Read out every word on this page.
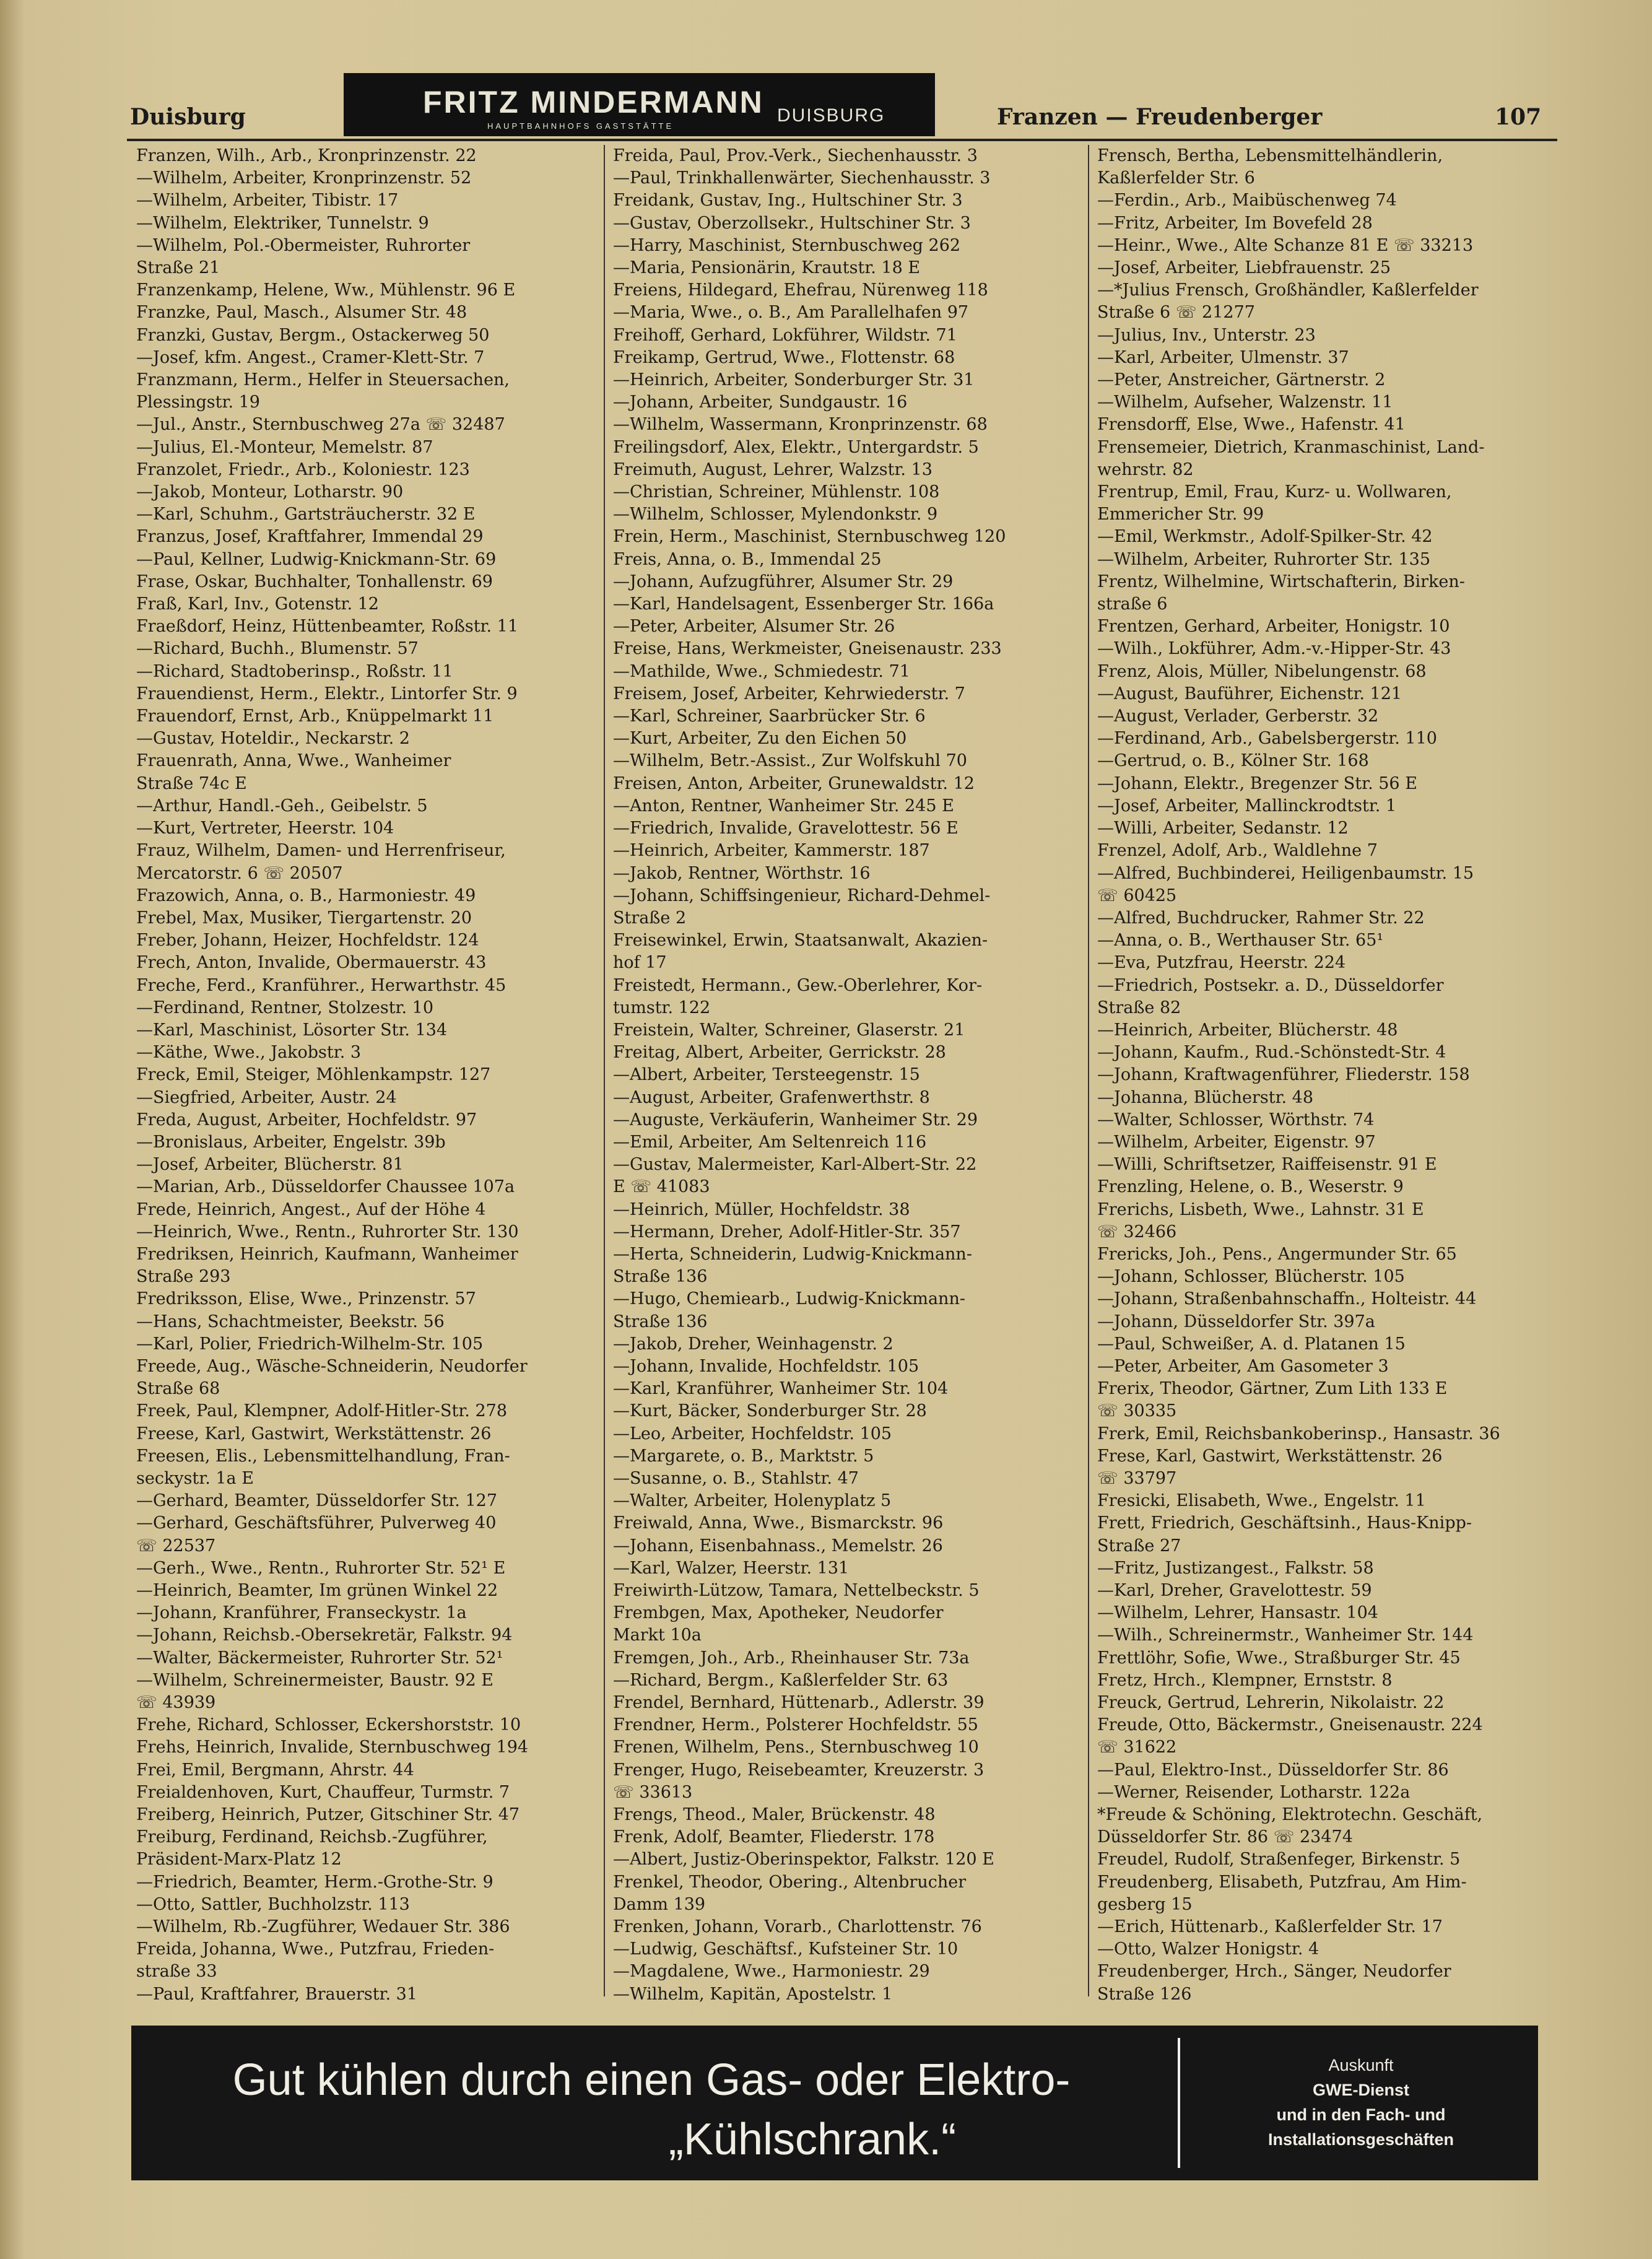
Duisburg	FRITZ MINDERMANN
HAUPTBAHNHOFS GASTSTÄTTE
DUISBURG	Franzen — Freudenberger	107
Franzen, Wilh., Arb., Kronprinzenstr. 22
—Wilhelm, Arbeiter, Kronprinzenstr. 52
—Wilhelm, Arbeiter, Tibistr. 17
—Wilhelm, Elektriker, Tunnelstr. 9
—Wilhelm, Pol.-Obermeister, Ruhrorter
Straße 21
Franzenkamp, Helene, Ww., Mühlenstr. 96 E
Franzke, Paul, Masch., Alsumer Str. 48
Franzki, Gustav, Bergm., Ostackerweg 50
—Josef, kfm. Angest., Cramer-Klett-Str. 7
Franzmann, Herm., Helfer in Steuersachen,
Plessingstr. 19
—Jul., Anstr., Sternbuschweg 27a ☏ 32487
—Julius, El.-Monteur, Memelstr. 87
Franzolet, Friedr., Arb., Koloniestr. 123
—Jakob, Monteur, Lotharstr. 90
—Karl, Schuhm., Gartsträucherstr. 32 E
Franzus, Josef, Kraftfahrer, Immendal 29
—Paul, Kellner, Ludwig-Knickmann-Str. 69
Frase, Oskar, Buchhalter, Tonhallenstr. 69
Fraß, Karl, Inv., Gotenstr. 12
Fraeßdorf, Heinz, Hüttenbeamter, Roßstr. 11
—Richard, Buchh., Blumenstr. 57
—Richard, Stadtoberinsp., Roßstr. 11
Frauendienst, Herm., Elektr., Lintorfer Str. 9
Frauendorf, Ernst, Arb., Knüppelmarkt 11
—Gustav, Hoteldir., Neckarstr. 2
Frauenrath, Anna, Wwe., Wanheimer
Straße 74c E
—Arthur, Handl.-Geh., Geibelstr. 5
—Kurt, Vertreter, Heerstr. 104
Frauz, Wilhelm, Damen- und Herrenfriseur,
Mercatorstr. 6 ☏ 20507
Frazowich, Anna, o. B., Harmoniestr. 49
Frebel, Max, Musiker, Tiergartenstr. 20
Freber, Johann, Heizer, Hochfeldstr. 124
Frech, Anton, Invalide, Obermauerstr. 43
Freche, Ferd., Kranführer., Herwarthstr. 45
—Ferdinand, Rentner, Stolzestr. 10
—Karl, Maschinist, Lösorter Str. 134
—Käthe, Wwe., Jakobstr. 3
Freck, Emil, Steiger, Möhlenkampstr. 127
—Siegfried, Arbeiter, Austr. 24
Freda, August, Arbeiter, Hochfeldstr. 97
—Bronislaus, Arbeiter, Engelstr. 39b
—Josef, Arbeiter, Blücherstr. 81
—Marian, Arb., Düsseldorfer Chaussee 107a
Frede, Heinrich, Angest., Auf der Höhe 4
—Heinrich, Wwe., Rentn., Ruhrorter Str. 130
Fredriksen, Heinrich, Kaufmann, Wanheimer
Straße 293
Fredriksson, Elise, Wwe., Prinzenstr. 57
—Hans, Schachtmeister, Beekstr. 56
—Karl, Polier, Friedrich-Wilhelm-Str. 105
Freede, Aug., Wäsche-Schneiderin, Neudorfer
Straße 68
Freek, Paul, Klempner, Adolf-Hitler-Str. 278
Freese, Karl, Gastwirt, Werkstättenstr. 26
Freesen, Elis., Lebensmittelhandlung, Fran-
seckystr. 1a E
—Gerhard, Beamter, Düsseldorfer Str. 127
—Gerhard, Geschäftsführer, Pulverweg 40
☏ 22537
—Gerh., Wwe., Rentn., Ruhrorter Str. 52¹ E
—Heinrich, Beamter, Im grünen Winkel 22
—Johann, Kranführer, Franseckystr. 1a
—Johann, Reichsb.-Obersekretär, Falkstr. 94
—Walter, Bäckermeister, Ruhrorter Str. 52¹
—Wilhelm, Schreinermeister, Baustr. 92 E
☏ 43939
Frehe, Richard, Schlosser, Eckershorststr. 10
Frehs, Heinrich, Invalide, Sternbuschweg 194
Frei, Emil, Bergmann, Ahrstr. 44
Freialdenhoven, Kurt, Chauffeur, Turmstr. 7
Freiberg, Heinrich, Putzer, Gitschiner Str. 47
Freiburg, Ferdinand, Reichsb.-Zugführer,
Präsident-Marx-Platz 12
—Friedrich, Beamter, Herm.-Grothe-Str. 9
—Otto, Sattler, Buchholzstr. 113
—Wilhelm, Rb.-Zugführer, Wedauer Str. 386
Freida, Johanna, Wwe., Putzfrau, Frieden-
straße 33
—Paul, Kraftfahrer, Brauerstr. 31
Freida, Paul, Prov.-Verk., Siechenhausstr. 3
—Paul, Trinkhallenwärter, Siechenhausstr. 3
Freidank, Gustav, Ing., Hultschiner Str. 3
—Gustav, Oberzollsekr., Hultschiner Str. 3
—Harry, Maschinist, Sternbuschweg 262
—Maria, Pensionärin, Krautstr. 18 E
Freiens, Hildegard, Ehefrau, Nürenweg 118
—Maria, Wwe., o. B., Am Parallelhafen 97
Freihoff, Gerhard, Lokführer, Wildstr. 71
Freikamp, Gertrud, Wwe., Flottenstr. 68
—Heinrich, Arbeiter, Sonderburger Str. 31
—Johann, Arbeiter, Sundgaustr. 16
—Wilhelm, Wassermann, Kronprinzenstr. 68
Freilingsdorf, Alex, Elektr., Untergardstr. 5
Freimuth, August, Lehrer, Walzstr. 13
—Christian, Schreiner, Mühlenstr. 108
—Wilhelm, Schlosser, Mylendonkstr. 9
Frein, Herm., Maschinist, Sternbuschweg 120
Freis, Anna, o. B., Immendal 25
—Johann, Aufzugführer, Alsumer Str. 29
—Karl, Handelsagent, Essenberger Str. 166a
—Peter, Arbeiter, Alsumer Str. 26
Freise, Hans, Werkmeister, Gneisenaustr. 233
—Mathilde, Wwe., Schmiedestr. 71
Freisem, Josef, Arbeiter, Kehrwiederstr. 7
—Karl, Schreiner, Saarbrücker Str. 6
—Kurt, Arbeiter, Zu den Eichen 50
—Wilhelm, Betr.-Assist., Zur Wolfskuhl 70
Freisen, Anton, Arbeiter, Grunewaldstr. 12
—Anton, Rentner, Wanheimer Str. 245 E
—Friedrich, Invalide, Gravelottestr. 56 E
—Heinrich, Arbeiter, Kammerstr. 187
—Jakob, Rentner, Wörthstr. 16
—Johann, Schiffsingenieur, Richard-Dehmel-
Straße 2
Freisewinkel, Erwin, Staatsanwalt, Akazien-
hof 17
Freistedt, Hermann., Gew.-Oberlehrer, Kor-
tumstr. 122
Freistein, Walter, Schreiner, Glaserstr. 21
Freitag, Albert, Arbeiter, Gerrickstr. 28
—Albert, Arbeiter, Tersteegenstr. 15
—August, Arbeiter, Grafenwerthstr. 8
—Auguste, Verkäuferin, Wanheimer Str. 29
—Emil, Arbeiter, Am Seltenreich 116
—Gustav, Malermeister, Karl-Albert-Str. 22
E ☏ 41083
—Heinrich, Müller, Hochfeldstr. 38
—Hermann, Dreher, Adolf-Hitler-Str. 357
—Herta, Schneiderin, Ludwig-Knickmann-
Straße 136
—Hugo, Chemiearb., Ludwig-Knickmann-
Straße 136
—Jakob, Dreher, Weinhagenstr. 2
—Johann, Invalide, Hochfeldstr. 105
—Karl, Kranführer, Wanheimer Str. 104
—Kurt, Bäcker, Sonderburger Str. 28
—Leo, Arbeiter, Hochfeldstr. 105
—Margarete, o. B., Marktstr. 5
—Susanne, o. B., Stahlstr. 47
—Walter, Arbeiter, Holenyplatz 5
Freiwald, Anna, Wwe., Bismarckstr. 96
—Johann, Eisenbahnass., Memelstr. 26
—Karl, Walzer, Heerstr. 131
Freiwirth-Lützow, Tamara, Nettelbeckstr. 5
Frembgen, Max, Apotheker, Neudorfer
Markt 10a
Fremgen, Joh., Arb., Rheinhauser Str. 73a
—Richard, Bergm., Kaßlerfelder Str. 63
Frendel, Bernhard, Hüttenarb., Adlerstr. 39
Frendner, Herm., Polsterer Hochfeldstr. 55
Frenen, Wilhelm, Pens., Sternbuschweg 10
Frenger, Hugo, Reisebeamter, Kreuzerstr. 3
☏ 33613
Frengs, Theod., Maler, Brückenstr. 48
Frenk, Adolf, Beamter, Fliederstr. 178
—Albert, Justiz-Oberinspektor, Falkstr. 120 E
Frenkel, Theodor, Obering., Altenbrucher
Damm 139
Frenken, Johann, Vorarb., Charlottenstr. 76
—Ludwig, Geschäftsf., Kufsteiner Str. 10
—Magdalene, Wwe., Harmoniestr. 29
—Wilhelm, Kapitän, Apostelstr. 1
Frensch, Bertha, Lebensmittelhändlerin,
Kaßlerfelder Str. 6
—Ferdin., Arb., Maibüschenweg 74
—Fritz, Arbeiter, Im Bovefeld 28
—Heinr., Wwe., Alte Schanze 81 E ☏ 33213
—Josef, Arbeiter, Liebfrauenstr. 25
—*Julius Frensch, Großhändler, Kaßlerfelder
Straße 6 ☏ 21277
—Julius, Inv., Unterstr. 23
—Karl, Arbeiter, Ulmenstr. 37
—Peter, Anstreicher, Gärtnerstr. 2
—Wilhelm, Aufseher, Walzenstr. 11
Frensdorff, Else, Wwe., Hafenstr. 41
Frensemeier, Dietrich, Kranmaschinist, Land-
wehrstr. 82
Frentrup, Emil, Frau, Kurz- u. Wollwaren,
Emmericher Str. 99
—Emil, Werkmstr., Adolf-Spilker-Str. 42
—Wilhelm, Arbeiter, Ruhrorter Str. 135
Frentz, Wilhelmine, Wirtschafterin, Birken-
straße 6
Frentzen, Gerhard, Arbeiter, Honigstr. 10
—Wilh., Lokführer, Adm.-v.-Hipper-Str. 43
Frenz, Alois, Müller, Nibelungenstr. 68
—August, Bauführer, Eichenstr. 121
—August, Verlader, Gerberstr. 32
—Ferdinand, Arb., Gabelsbergerstr. 110
—Gertrud, o. B., Kölner Str. 168
—Johann, Elektr., Bregenzer Str. 56 E
—Josef, Arbeiter, Mallinckrodtstr. 1
—Willi, Arbeiter, Sedanstr. 12
Frenzel, Adolf, Arb., Waldlehne 7
—Alfred, Buchbinderei, Heiligenbaumstr. 15
☏ 60425
—Alfred, Buchdrucker, Rahmer Str. 22
—Anna, o. B., Werthauser Str. 65¹
—Eva, Putzfrau, Heerstr. 224
—Friedrich, Postsekr. a. D., Düsseldorfer
Straße 82
—Heinrich, Arbeiter, Blücherstr. 48
—Johann, Kaufm., Rud.-Schönstedt-Str. 4
—Johann, Kraftwagenführer, Fliederstr. 158
—Johanna, Blücherstr. 48
—Walter, Schlosser, Wörthstr. 74
—Wilhelm, Arbeiter, Eigenstr. 97
—Willi, Schriftsetzer, Raiffeisenstr. 91 E
Frenzling, Helene, o. B., Weserstr. 9
Frerichs, Lisbeth, Wwe., Lahnstr. 31 E
☏ 32466
Frericks, Joh., Pens., Angermunder Str. 65
—Johann, Schlosser, Blücherstr. 105
—Johann, Straßenbahnschaffn., Holteistr. 44
—Johann, Düsseldorfer Str. 397a
—Paul, Schweißer, A. d. Platanen 15
—Peter, Arbeiter, Am Gasometer 3
Frerix, Theodor, Gärtner, Zum Lith 133 E
☏ 30335
Frerk, Emil, Reichsbankoberinsp., Hansastr. 36
Frese, Karl, Gastwirt, Werkstättenstr. 26
☏ 33797
Fresicki, Elisabeth, Wwe., Engelstr. 11
Frett, Friedrich, Geschäftsinh., Haus-Knipp-
Straße 27
—Fritz, Justizangest., Falkstr. 58
—Karl, Dreher, Gravelottestr. 59
—Wilhelm, Lehrer, Hansastr. 104
—Wilh., Schreinermstr., Wanheimer Str. 144
Frettlöhr, Sofie, Wwe., Straßburger Str. 45
Fretz, Hrch., Klempner, Ernststr. 8
Freuck, Gertrud, Lehrerin, Nikolaistr. 22
Freude, Otto, Bäckermstr., Gneisenaustr. 224
☏ 31622
—Paul, Elektro-Inst., Düsseldorfer Str. 86
—Werner, Reisender, Lotharstr. 122a
*Freude & Schöning, Elektrotechn. Geschäft,
Düsseldorfer Str. 86 ☏ 23474
Freudel, Rudolf, Straßenfeger, Birkenstr. 5
Freudenberg, Elisabeth, Putzfrau, Am Him-
gesberg 15
—Erich, Hüttenarb., Kaßlerfelder Str. 17
—Otto, Walzer Honigstr. 4
Freudenberger, Hrch., Sänger, Neudorfer
Straße 126
Gut kühlen durch einen Gas- oder Elektro-
„Kühlschrank.“
Auskunft
GWE-Dienst
und in den Fach- und
Installationsgeschäften
